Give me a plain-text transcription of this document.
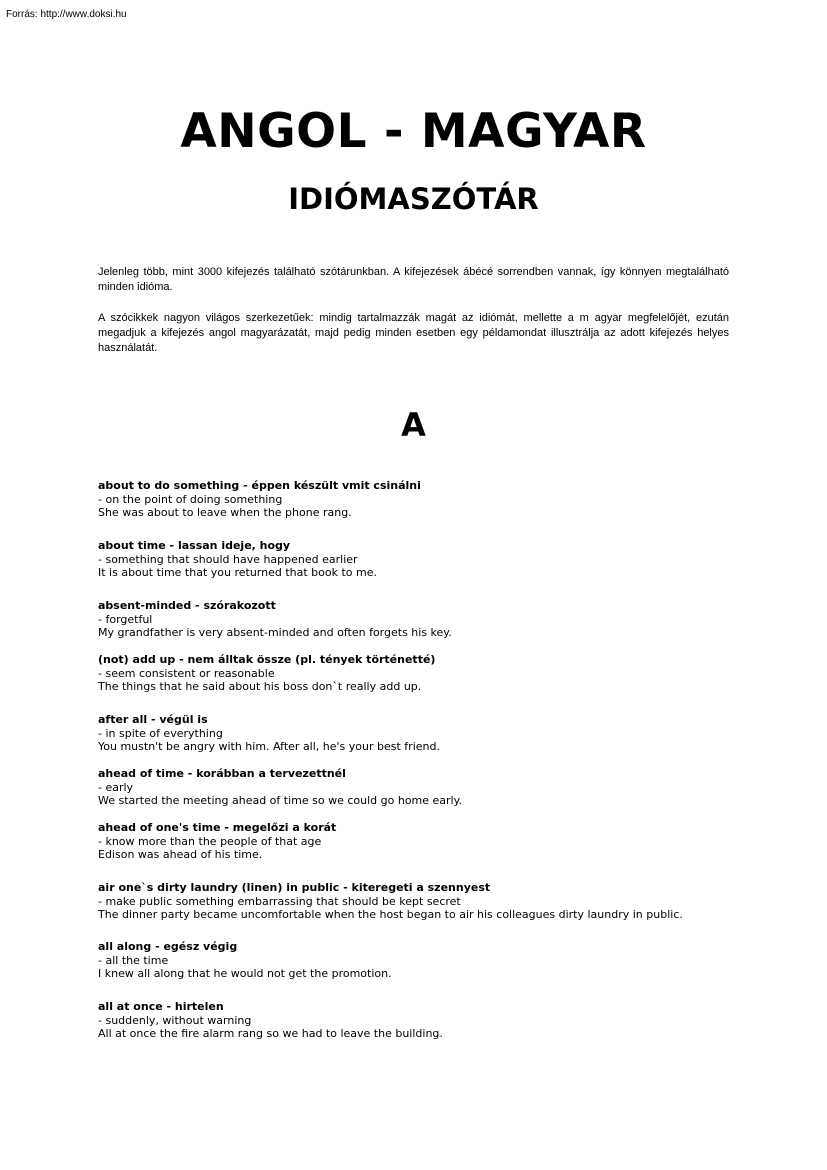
Forrás: http://www.doksi.hu
ANGOL - MAGYAR
IDIÓMASZÓTÁR
Jelenleg több, mint 3000 kifejezés található szótárunkban. A kifejezések ábécé sorrendben vannak, így könnyen megtalálható minden idióma.
A szócikkek nagyon világos szerkezetűek: mindig tartalmazzák magát az idiómát, mellette a m agyar megfelelőjét, ezután megadjuk a kifejezés angol magyarázatát, majd pedig minden esetben egy példamondat illusztrálja az adott kifejezés helyes használatát.
A
about to do something - éppen készült vmit csinálni
- on the point of doing something
She was about to leave when the phone rang.
about time - lassan ideje, hogy
- something that should have happened earlier
It is about time that you returned that book to me.
absent-minded - szórakozott
- forgetful
My grandfather is very absent-minded and often forgets his key.
(not) add up - nem álltak össze (pl. tények történetté)
- seem consistent or reasonable
The things that he said about his boss don`t really add up.
after all - végül is
- in spite of everything
You mustn't be angry with him. After all, he's your best friend.
ahead of time - korábban a tervezettnél
- early
We started the meeting ahead of time so we could go home early.
ahead of one's time - megelőzi a korát
- know more than the people of that age
Edison was ahead of his time.
air one`s dirty laundry (linen) in public - kiteregeti a szennyest
- make public something embarrassing that should be kept secret
The dinner party became uncomfortable when the host began to air his colleagues dirty laundry in public.
all along - egész végig
- all the time
I knew all along that he would not get the promotion.
all at once - hirtelen
- suddenly, without warning
All at once the fire alarm rang so we had to leave the building.
